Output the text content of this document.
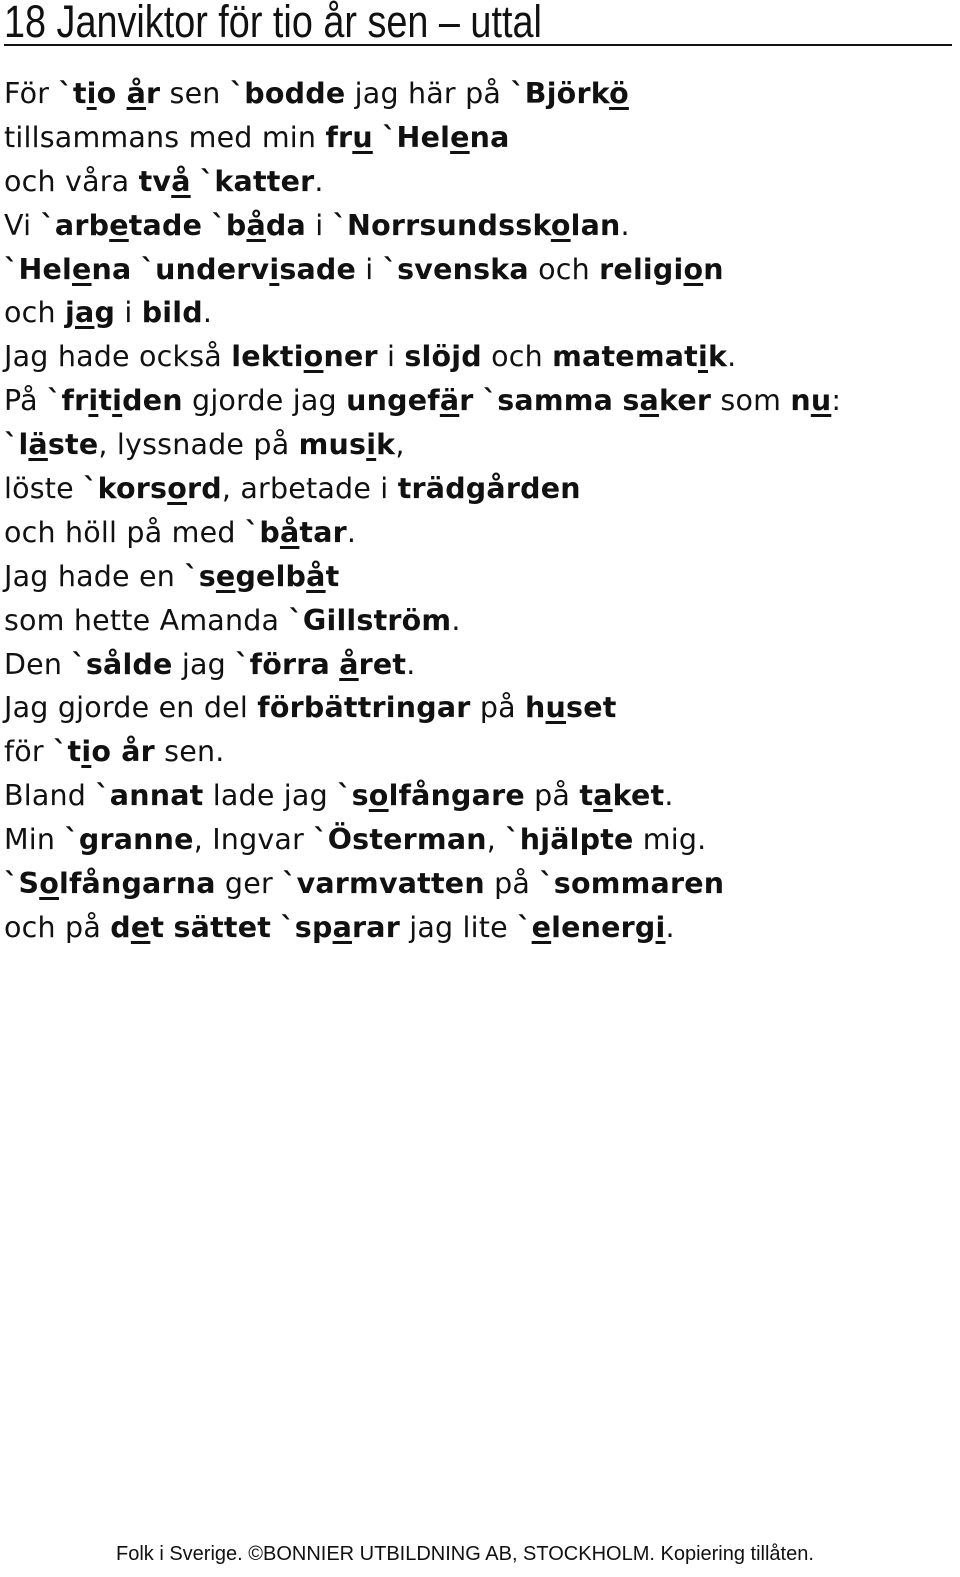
18 Janviktor för tio år sen – uttal
För `tio år sen `bodde jag här på `Björkö
tillsammans med min fru `Helena
och våra två `katter.
Vi `arbetade `båda i `Norrsundsskolan.
`Helena `undervisade i `svenska och religion
och jag i bild.
Jag hade också lektioner i slöjd och matematik.
På `fritiden gjorde jag ungefär `samma saker som nu:
`läste, lyssnade på musik,
löste `korsord, arbetade i trädgården
och höll på med `båtar.
Jag hade en `segelbåt
som hette Amanda `Gillström.
Den `sålde jag `förra året.
Jag gjorde en del förbättringar på huset
för `tio år sen.
Bland `annat lade jag `solfångare på taket.
Min `granne, Ingvar `Österman, `hjälpte mig.
`Solfångarna ger `varmvatten på `sommaren
och på det sättet `sparar jag lite `elenergi.
Folk i Sverige. ©BONNIER UTBILDNING AB, STOCKHOLM. Kopiering tillåten.
